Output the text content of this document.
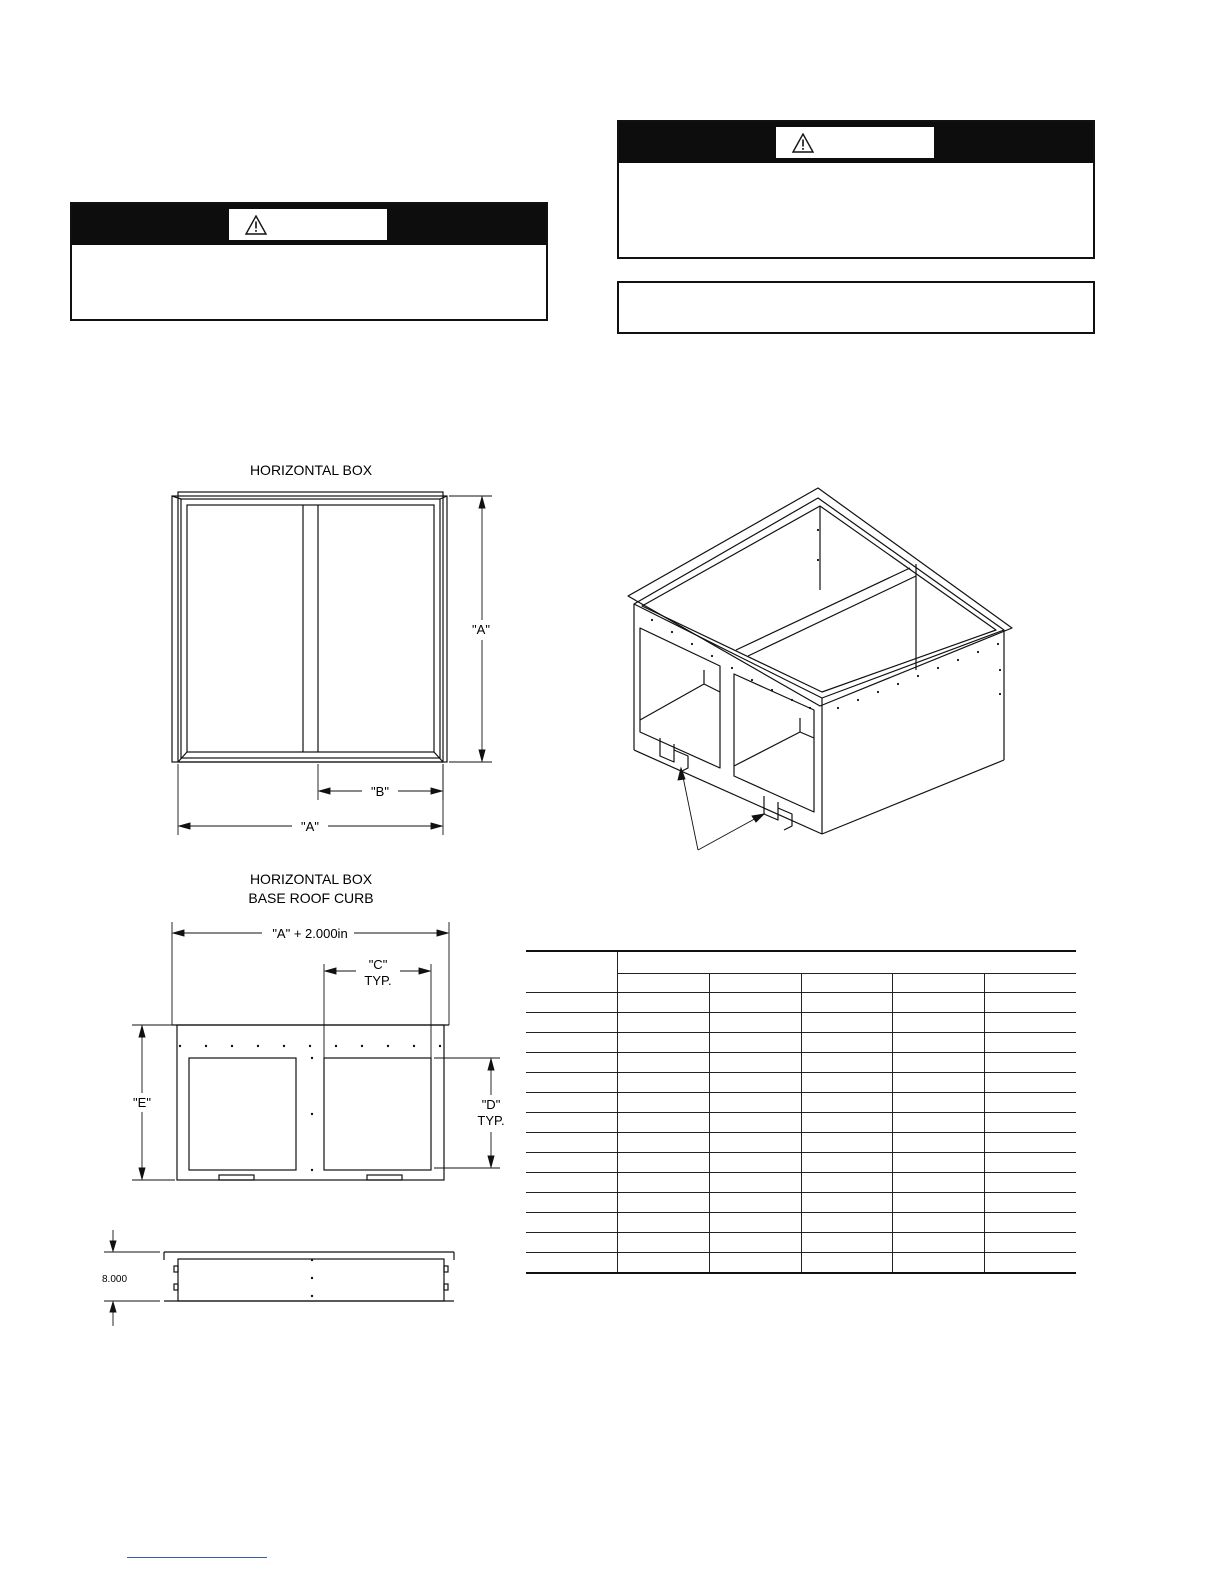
HORIZONTAL BOX
"A"
"B"
"A"
HORIZONTAL BOX
BASE ROOF CURB
"A" + 2.000in
"C"
TYP.
"D"
TYP.
"E"
8.000
